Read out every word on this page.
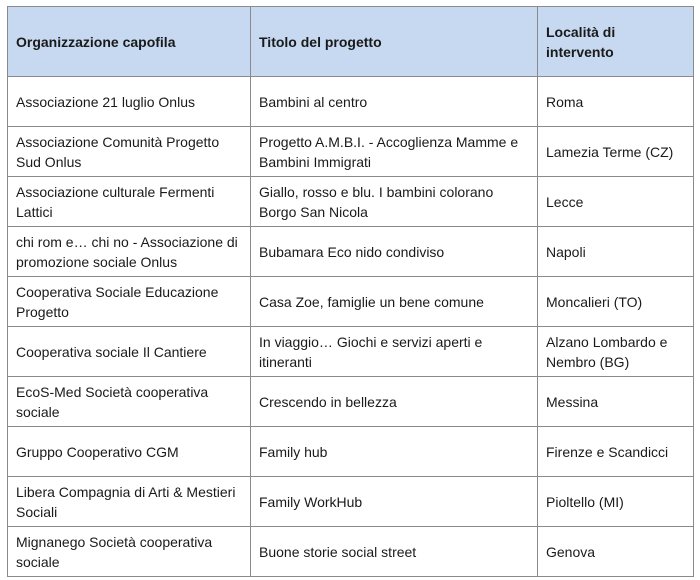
Organizzazione capofila	Titolo del progetto	Località di intervento
Associazione 21 luglio Onlus	Bambini al centro	Roma
Associazione Comunità Progetto Sud Onlus	Progetto A.M.B.I. - Accoglienza Mamme e Bambini Immigrati	Lamezia Terme (CZ)
Associazione culturale Fermenti Lattici	Giallo, rosso e blu. I bambini colorano Borgo San Nicola	Lecce
chi rom e… chi no - Associazione di promozione sociale Onlus	Bubamara Eco nido condiviso	Napoli
Cooperativa Sociale Educazione Progetto	Casa Zoe, famiglie un bene comune	Moncalieri (TO)
Cooperativa sociale Il Cantiere	In viaggio… Giochi e servizi aperti e itineranti	Alzano Lombardo e Nembro (BG)
EcoS-Med Società cooperativa sociale	Crescendo in bellezza	Messina
Gruppo Cooperativo CGM	Family hub	Firenze e Scandicci
Libera Compagnia di Arti & Mestieri Sociali	Family WorkHub	Pioltello (MI)
Mignanego Società cooperativa sociale	Buone storie social street	Genova
